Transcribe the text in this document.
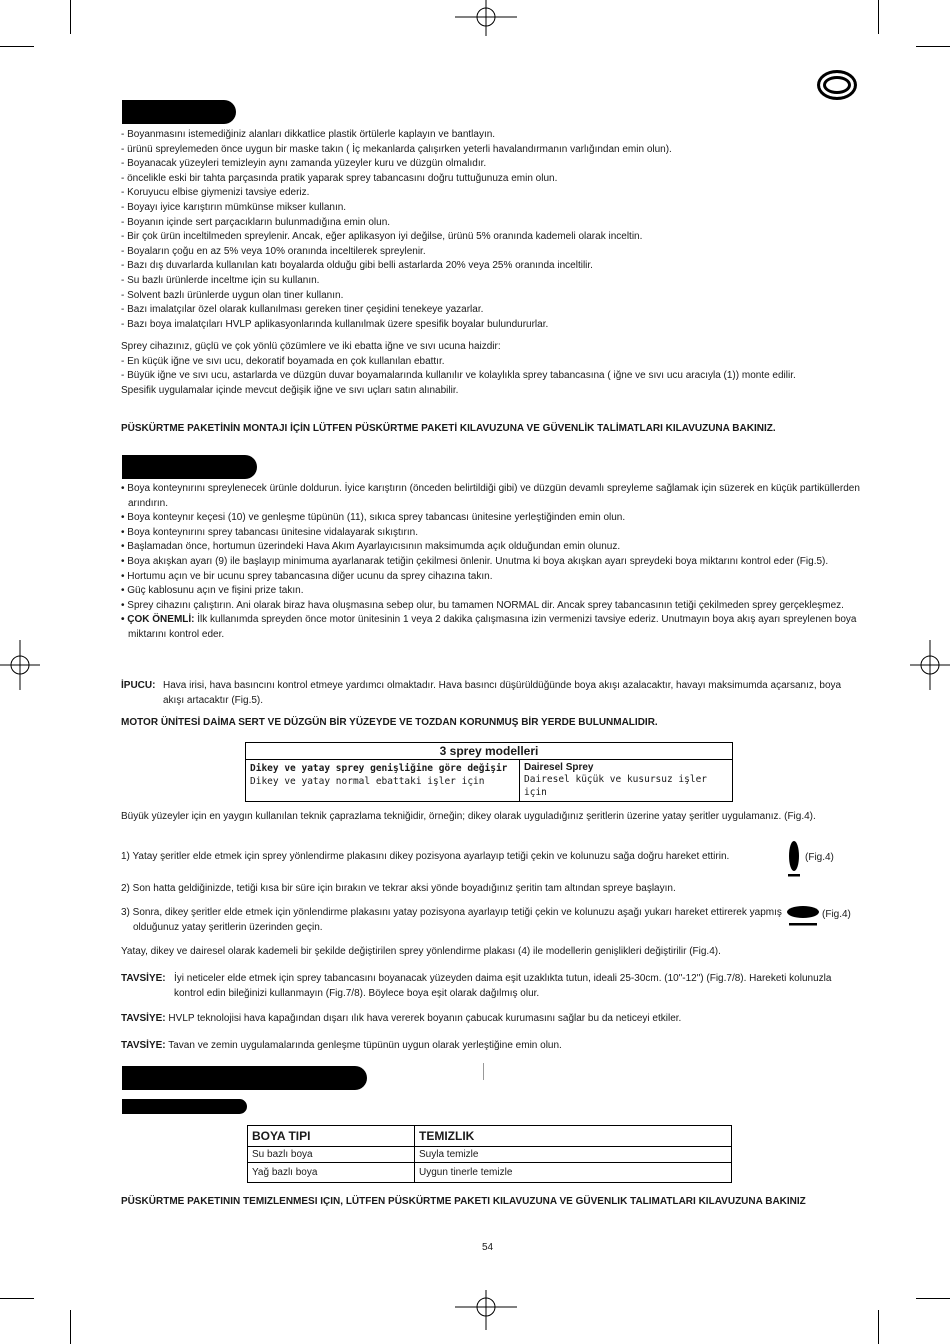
- Boyanmasını istemediğiniz alanları dikkatlice plastik örtülerle kaplayın ve bantlayın.
- ürünü spreylemeden önce uygun bir maske takın ( İç mekanlarda çalışırken yeterli havalandırmanın varlığından emin olun).
- Boyanacak yüzeyleri temizleyin aynı zamanda yüzeyler kuru ve düzgün olmalıdır.
- öncelikle eski bir tahta parçasında pratik yaparak sprey tabancasını doğru tuttuğunuza emin olun.
- Koruyucu elbise giymenizi tavsiye ederiz.
- Boyayı iyice karıştırın mümkünse mikser kullanın.
- Boyanın içinde sert parçacıkların bulunmadığına emin olun.
- Bir çok ürün inceltilmeden spreylenir. Ancak, eğer aplikasyon iyi değilse, ürünü 5% oranında kademeli olarak inceltin.
- Boyaların çoğu en az 5% veya 10% oranında inceltilerek spreylenir.
- Bazı dış duvarlarda kullanılan katı boyalarda olduğu gibi belli astarlarda 20% veya 25% oranında inceltilir.
- Su bazlı ürünlerde inceltme için su kullanın.
- Solvent bazlı ürünlerde uygun olan tiner kullanın.
- Bazı imalatçılar özel olarak kullanılması gereken tiner çeşidini tenekeye yazarlar.
- Bazı boya imalatçıları HVLP aplikasyonlarında kullanılmak üzere spesifik boyalar bulundururlar.
Sprey cihazınız, güçlü ve çok yönlü çözümlere ve iki ebatta iğne ve sıvı ucuna haizdir:
- En küçük iğne ve sıvı ucu, dekoratif boyamada en çok kullanılan ebattır.
- Büyük iğne ve sıvı ucu, astarlarda ve düzgün duvar boyamalarında kullanılır ve kolaylıkla sprey tabancasına ( iğne ve sıvı ucu aracıyla (1)) monte edilir.
Spesifik uygulamalar içinde mevcut değişik iğne ve sıvı uçları satın alınabilir.
PÜSKÜRTME PAKETİNİN MONTAJI İÇİN LÜTFEN PÜSKÜRTME PAKETİ KILAVUZUNA VE GÜVENLİK TALİMATLARI KILAVUZUNA BAKINIZ.
• Boya konteynırını spreylenecek ürünle doldurun. İyice karıştırın (önceden belirtildiği gibi) ve düzgün devamlı spreyleme sağlamak için süzerek en küçük partiküllerden arındırın.
• Boya konteynır keçesi (10) ve genleşme tüpünün (11), sıkıca sprey tabancası ünitesine yerleştiğinden emin olun.
• Boya konteynırını sprey tabancası ünitesine vidalayarak sıkıştırın.
• Başlamadan önce, hortumun üzerindeki Hava Akım Ayarlayıcısının maksimumda açık olduğundan emin olunuz.
• Boya akışkan ayarı (9) ile başlayıp minimuma ayarlanarak tetiğin çekilmesi önlenir. Unutma ki boya akışkan ayarı spreydeki boya miktarını kontrol eder (Fig.5).
• Hortumu açın ve bir ucunu sprey tabancasına diğer ucunu da sprey cihazına takın.
• Güç kablosunu açın ve fişini prize takın.
• Sprey cihazını çalıştırın. Ani olarak biraz hava oluşmasına sebep olur, bu tamamen NORMAL dir. Ancak sprey tabancasının tetiği çekilmeden sprey gerçekleşmez.
• ÇOK ÖNEMLİ: İlk kullanımda spreyden önce motor ünitesinin 1 veya 2 dakika çalışmasına izin vermenizi tavsiye ederiz. Unutmayın boya akış ayarı spreylenen boya miktarını kontrol eder.
İPUCU: Hava irisi, hava basıncını kontrol etmeye yardımcı olmaktadır. Hava basıncı düşürüldüğünde boya akışı azalacaktır, havayı maksimumda açarsanız, boya akışı artacaktır (Fig.5).
MOTOR ÜNİTESİ DAİMA SERT VE DÜZGÜN BİR YÜZEYDE VE TOZDAN KORUNMUŞ BİR YERDE BULUNMALIDIR.
3 sprey modelleri

Dikey ve yatay sprey genişliğine göre değişir
Dikey ve yatay normal ebattaki işler için

Dairesel Sprey
Dairesel küçük ve kusursuz işler için
Büyük yüzeyler için en yaygın kullanılan teknik çaprazlama tekniğidir, örneğin; dikey olarak uyguladığınız şeritlerin üzerine yatay şeritler uygulamanız. (Fig.4).
1) Yatay şeritler elde etmek için sprey yönlendirme plakasını dikey pozisyona ayarlayıp tetiği çekin ve kolunuzu sağa doğru hareket ettirin.	(Fig.4)
2) Son hatta geldiğinizde, tetiği kısa bir süre için bırakın ve tekrar aksi yönde boyadığınız şeritin tam altından spreye başlayın.
3) Sonra, dikey şeritler elde etmek için yönlendirme plakasını yatay pozisyona ayarlayıp tetiği çekin ve kolunuzu aşağı yukarı hareket ettirerek yapmış olduğunuz yatay şeritlerin üzerinden geçin.
(Fig.4)
Yatay, dikey ve dairesel olarak kademeli bir şekilde değiştirilen sprey yönlendirme plakası (4) ile modellerin genişlikleri değiştirilir (Fig.4).
TAVSİYE: İyi neticeler elde etmek için sprey tabancasını boyanacak yüzeyden daima eşit uzaklıkta tutun, ideali 25-30cm. (10"-12") (Fig.7/8). Hareketi kolunuzla kontrol edin bileğinizi kullanmayın (Fig.7/8). Böylece boya eşit olarak dağılmış olur.
TAVSİYE: HVLP teknolojisi hava kapağından dışarı ılık hava vererek boyanın çabucak kurumasını sağlar bu da neticeyi etkiler.
TAVSİYE: Tavan ve zemin uygulamalarında genleşme tüpünün uygun olarak yerleştiğine emin olun.
BOYA TIPI	TEMIZLIK
Su bazlı boya	Suyla temizle
Yağ bazlı boya	Uygun tinerle temizle
PÜSKÜRTME PAKETININ TEMIZLENMESI IÇIN, LÜTFEN PÜSKÜRTME PAKETI KILAVUZUNA VE GÜVENLIK TALIMATLARI KILAVUZUNA BAKINIZ
54
